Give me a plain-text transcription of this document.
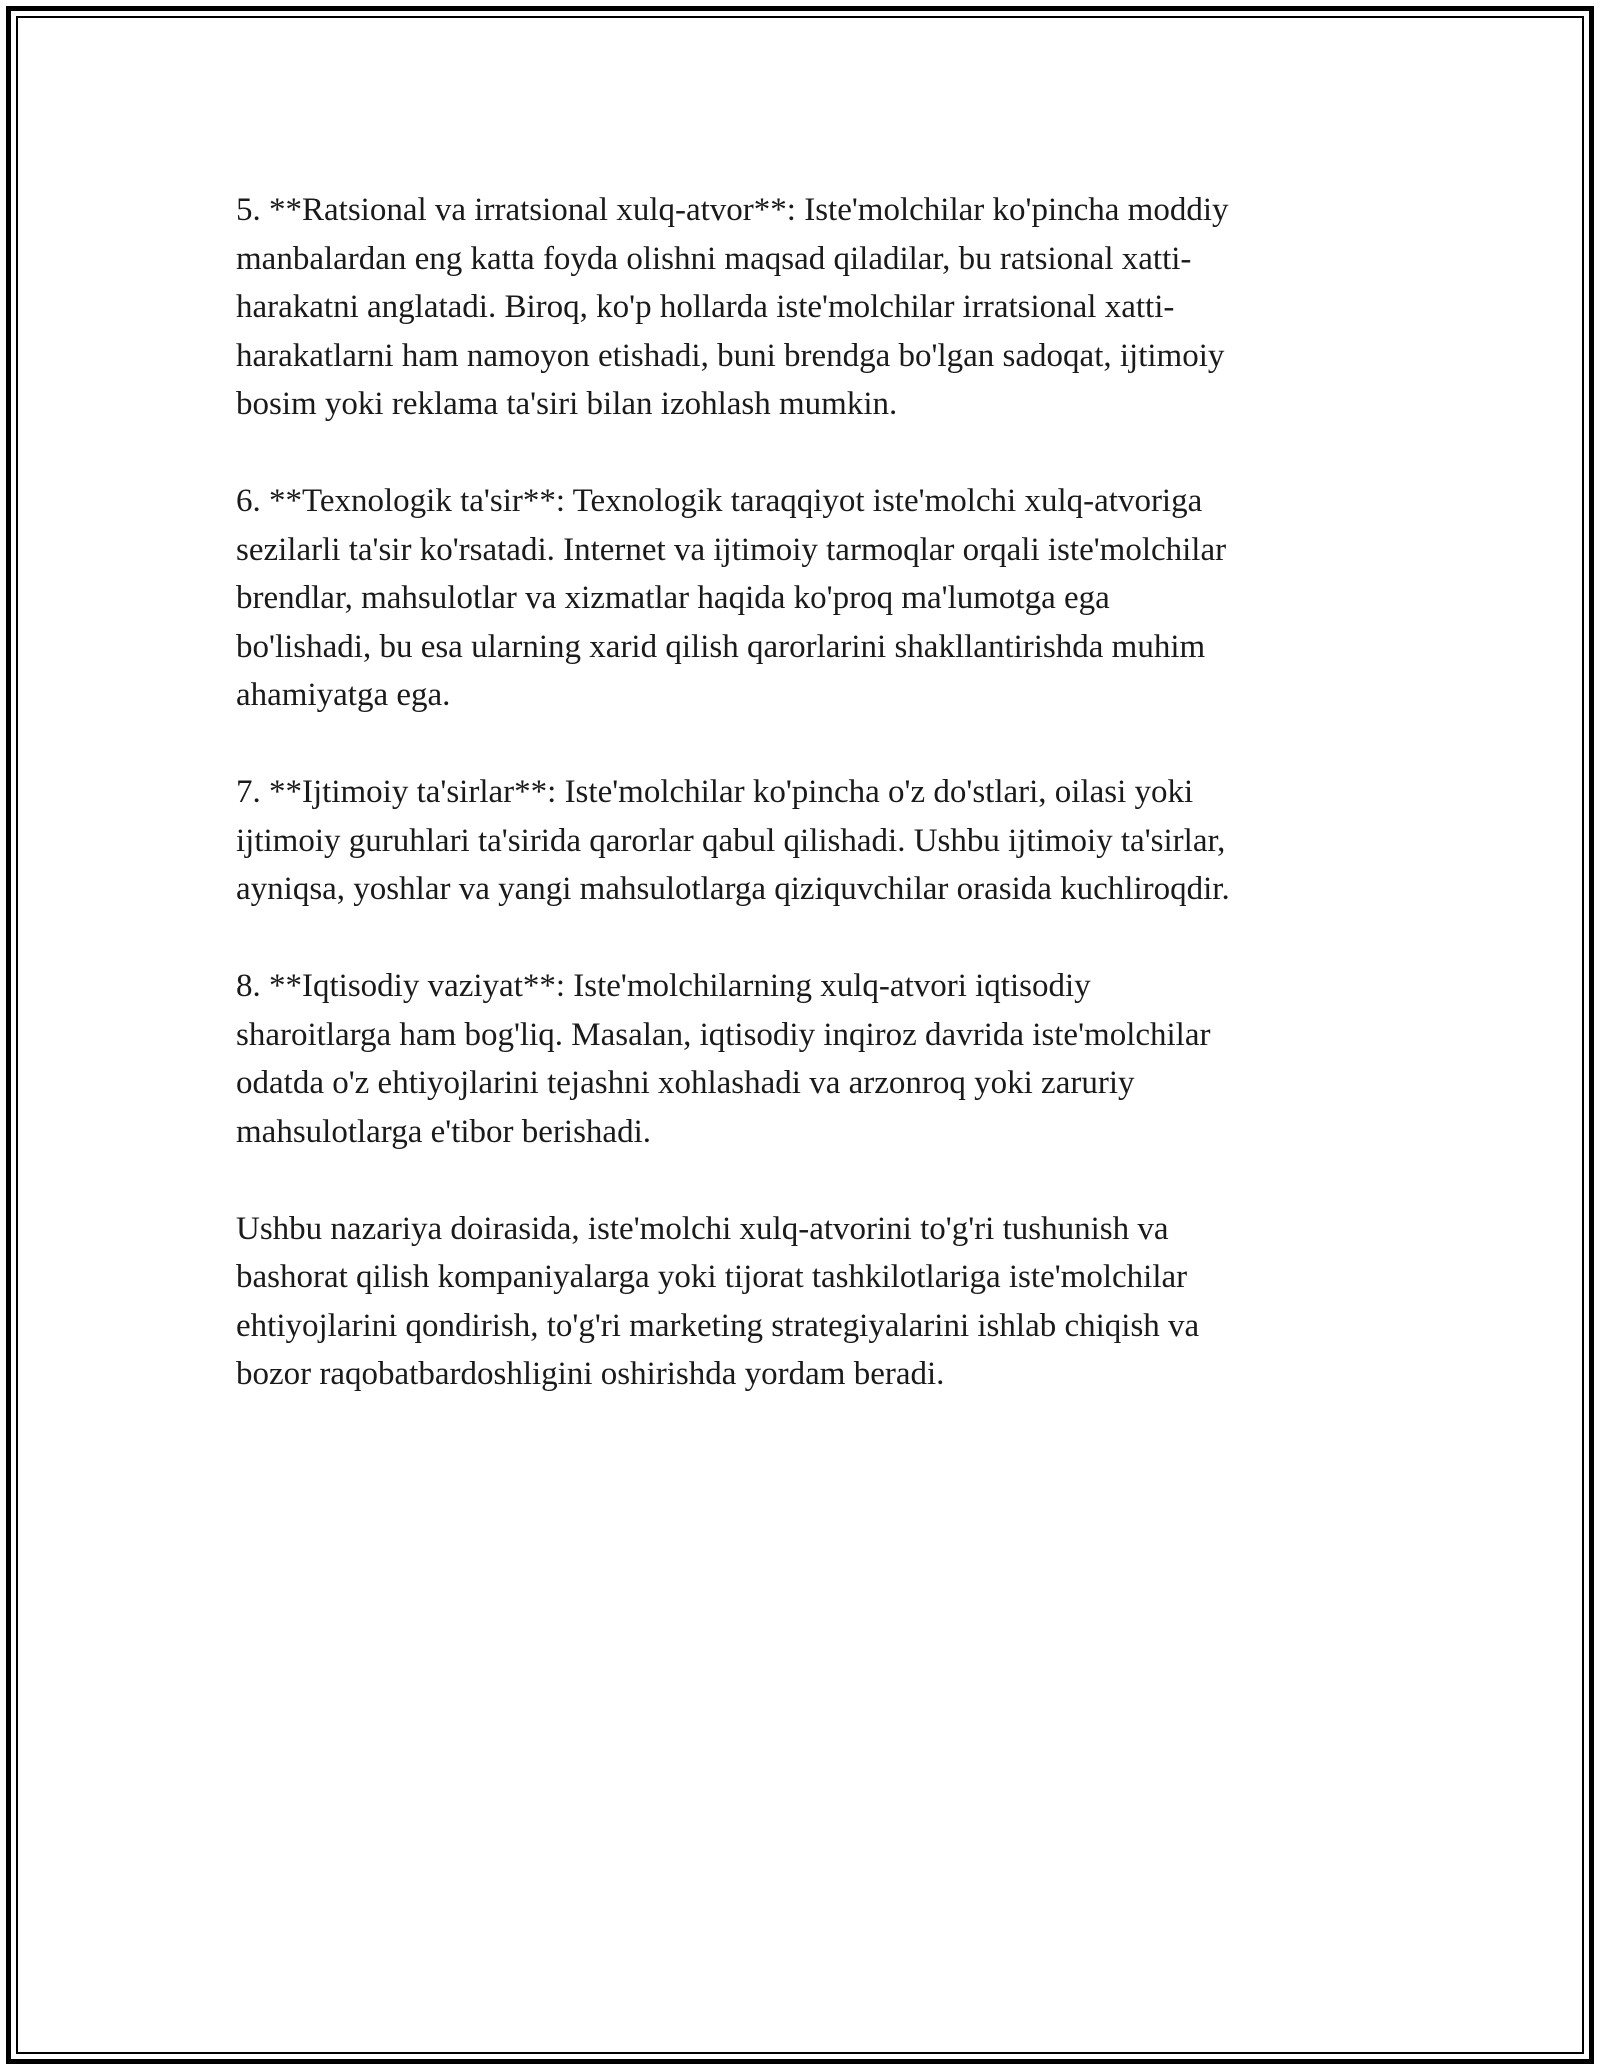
5. **Ratsional va irratsional xulq-atvor**: Iste'molchilar ko'pincha moddiy
manbalardan eng katta foyda olishni maqsad qiladilar, bu ratsional xatti-
harakatni anglatadi. Biroq, ko'p hollarda iste'molchilar irratsional xatti-
harakatlarni ham namoyon etishadi, buni brendga bo'lgan sadoqat, ijtimoiy
bosim yoki reklama ta'siri bilan izohlash mumkin.

6. **Texnologik ta'sir**: Texnologik taraqqiyot iste'molchi xulq-atvoriga
sezilarli ta'sir ko'rsatadi. Internet va ijtimoiy tarmoqlar orqali iste'molchilar
brendlar, mahsulotlar va xizmatlar haqida ko'proq ma'lumotga ega
bo'lishadi, bu esa ularning xarid qilish qarorlarini shakllantirishda muhim
ahamiyatga ega.

7. **Ijtimoiy ta'sirlar**: Iste'molchilar ko'pincha o'z do'stlari, oilasi yoki
ijtimoiy guruhlari ta'sirida qarorlar qabul qilishadi. Ushbu ijtimoiy ta'sirlar,
ayniqsa, yoshlar va yangi mahsulotlarga qiziquvchilar orasida kuchliroqdir.

8. **Iqtisodiy vaziyat**: Iste'molchilarning xulq-atvori iqtisodiy
sharoitlarga ham bog'liq. Masalan, iqtisodiy inqiroz davrida iste'molchilar
odatda o'z ehtiyojlarini tejashni xohlashadi va arzonroq yoki zaruriy
mahsulotlarga e'tibor berishadi.

Ushbu nazariya doirasida, iste'molchi xulq-atvorini to'g'ri tushunish va
bashorat qilish kompaniyalarga yoki tijorat tashkilotlariga iste'molchilar
ehtiyojlarini qondirish, to'g'ri marketing strategiyalarini ishlab chiqish va
bozor raqobatbardoshligini oshirishda yordam beradi.
